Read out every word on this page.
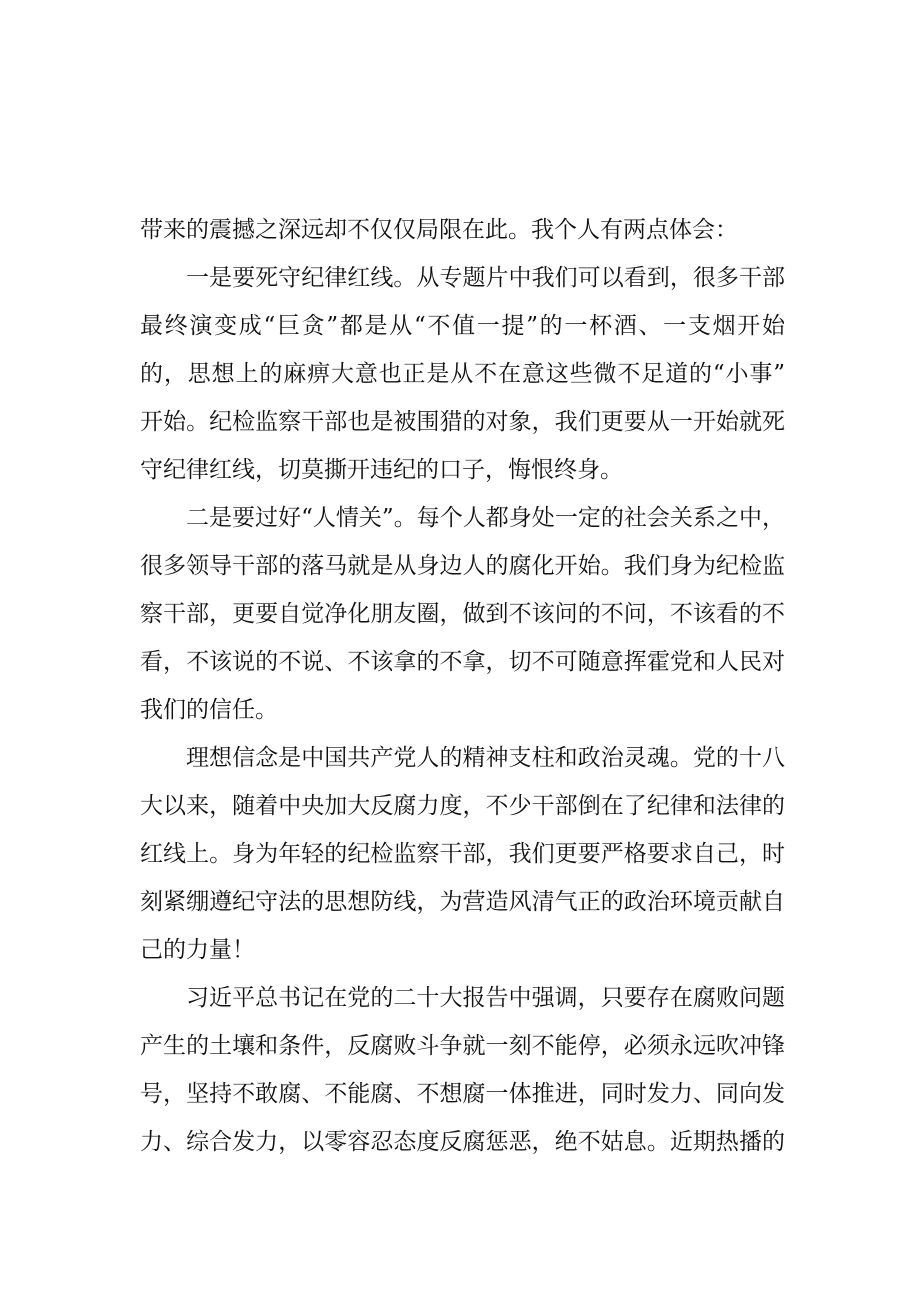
带来的震撼之深远却不仅仅局限在此。我个人有两点体会：
一是要死守纪律红线。从专题片中我们可以看到，很多干部
最终演变成“巨贪”都是从“不值一提”的一杯酒、一支烟开始
的，思想上的麻痹大意也正是从不在意这些微不足道的“小事”
开始。纪检监察干部也是被围猎的对象，我们更要从一开始就死
守纪律红线，切莫撕开违纪的口子，悔恨终身。
二是要过好“人情关”。每个人都身处一定的社会关系之中，
很多领导干部的落马就是从身边人的腐化开始。我们身为纪检监
察干部，更要自觉净化朋友圈，做到不该问的不问，不该看的不
看，不该说的不说、不该拿的不拿，切不可随意挥霍党和人民对
我们的信任。
理想信念是中国共产党人的精神支柱和政治灵魂。党的十八
大以来，随着中央加大反腐力度，不少干部倒在了纪律和法律的
红线上。身为年轻的纪检监察干部，我们更要严格要求自己，时
刻紧绷遵纪守法的思想防线，为营造风清气正的政治环境贡献自
己的力量！
习近平总书记在党的二十大报告中强调，只要存在腐败问题
产生的土壤和条件，反腐败斗争就一刻不能停，必须永远吹冲锋
号，坚持不敢腐、不能腐、不想腐一体推进，同时发力、同向发
力、综合发力，以零容忍态度反腐惩恶，绝不姑息。近期热播的
